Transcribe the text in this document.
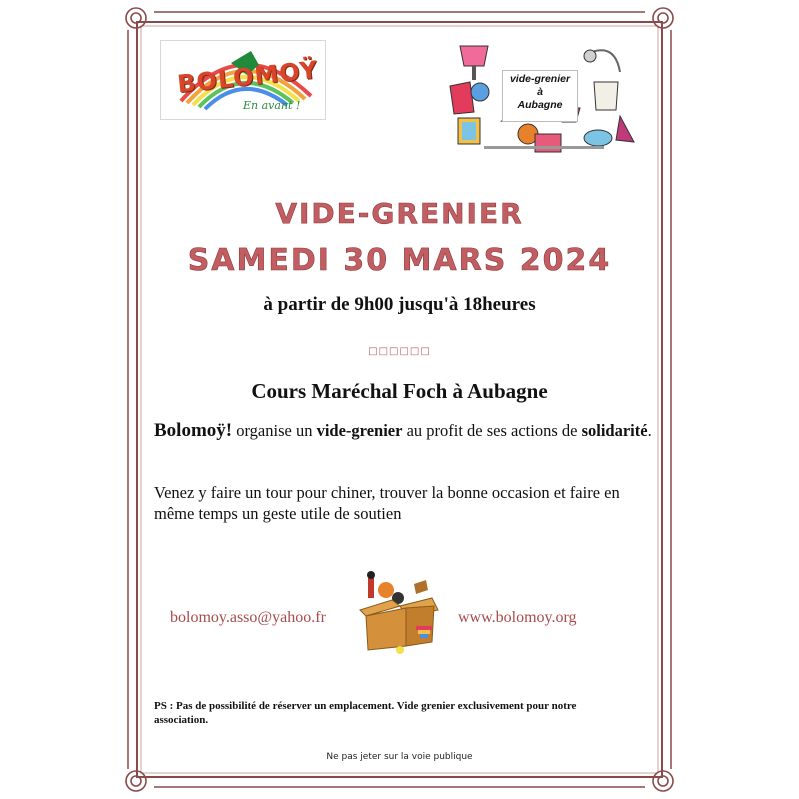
BOLOMOŸ
En avant !
vide-grenier
à
Aubagne
VIDE-GRENIER
SAMEDI 30 MARS 2024
à partir de 9h00 jusqu'à 18heures
□□□□□□
Cours Maréchal Foch à Aubagne
Bolomoÿ! organise un vide-grenier au profit de ses actions de solidarité.
Venez y faire un tour pour chiner, trouver la bonne occasion et faire en même temps un geste utile de soutien
bolomoy.asso@yahoo.fr	www.bolomoy.org
PS : Pas de possibilité de réserver un emplacement. Vide grenier exclusivement pour notre association.
Ne pas jeter sur la voie publique
